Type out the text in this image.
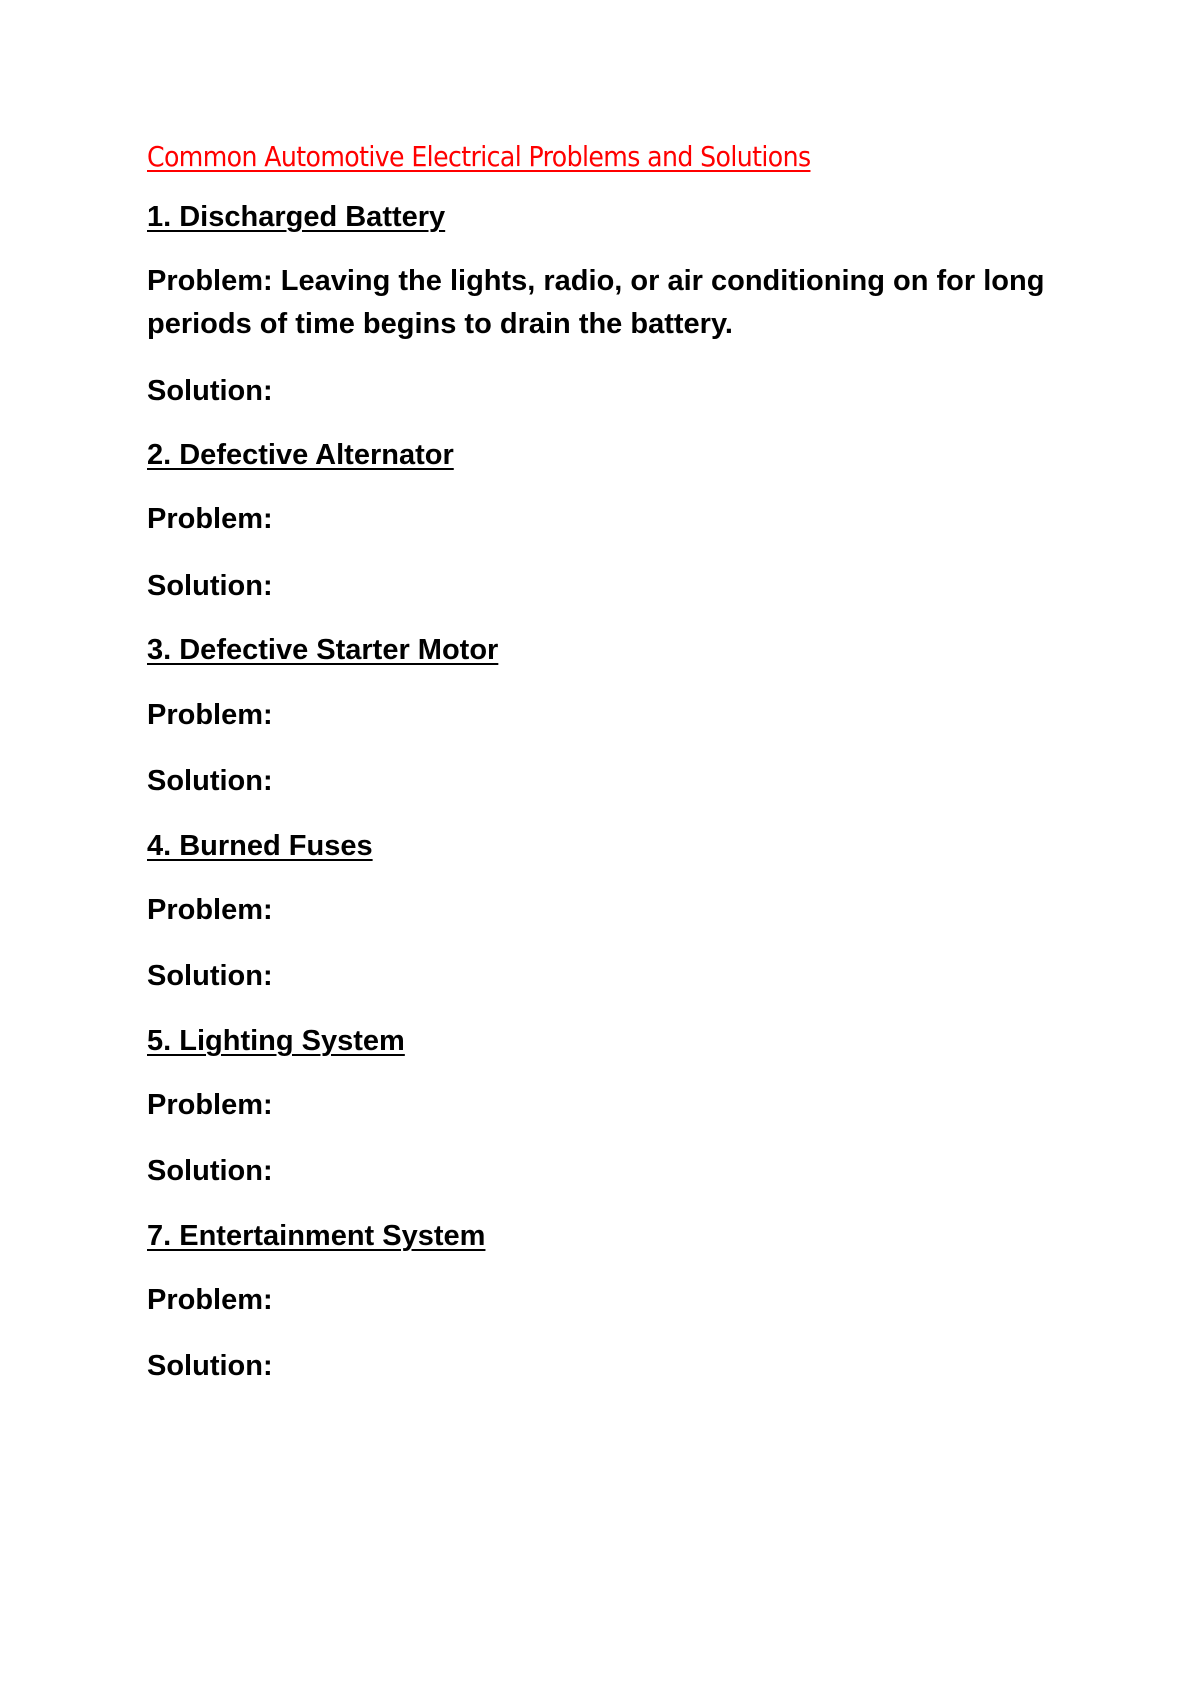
Common Automotive Electrical Problems and Solutions
1. Discharged Battery
Problem: Leaving the lights, radio, or air conditioning on for long periods of time begins to drain the battery.
Solution:
2. Defective Alternator
Problem:
Solution:
3. Defective Starter Motor
Problem:
Solution:
4. Burned Fuses
Problem:
Solution:
5. Lighting System
Problem:
Solution:
7. Entertainment System
Problem:
Solution:
